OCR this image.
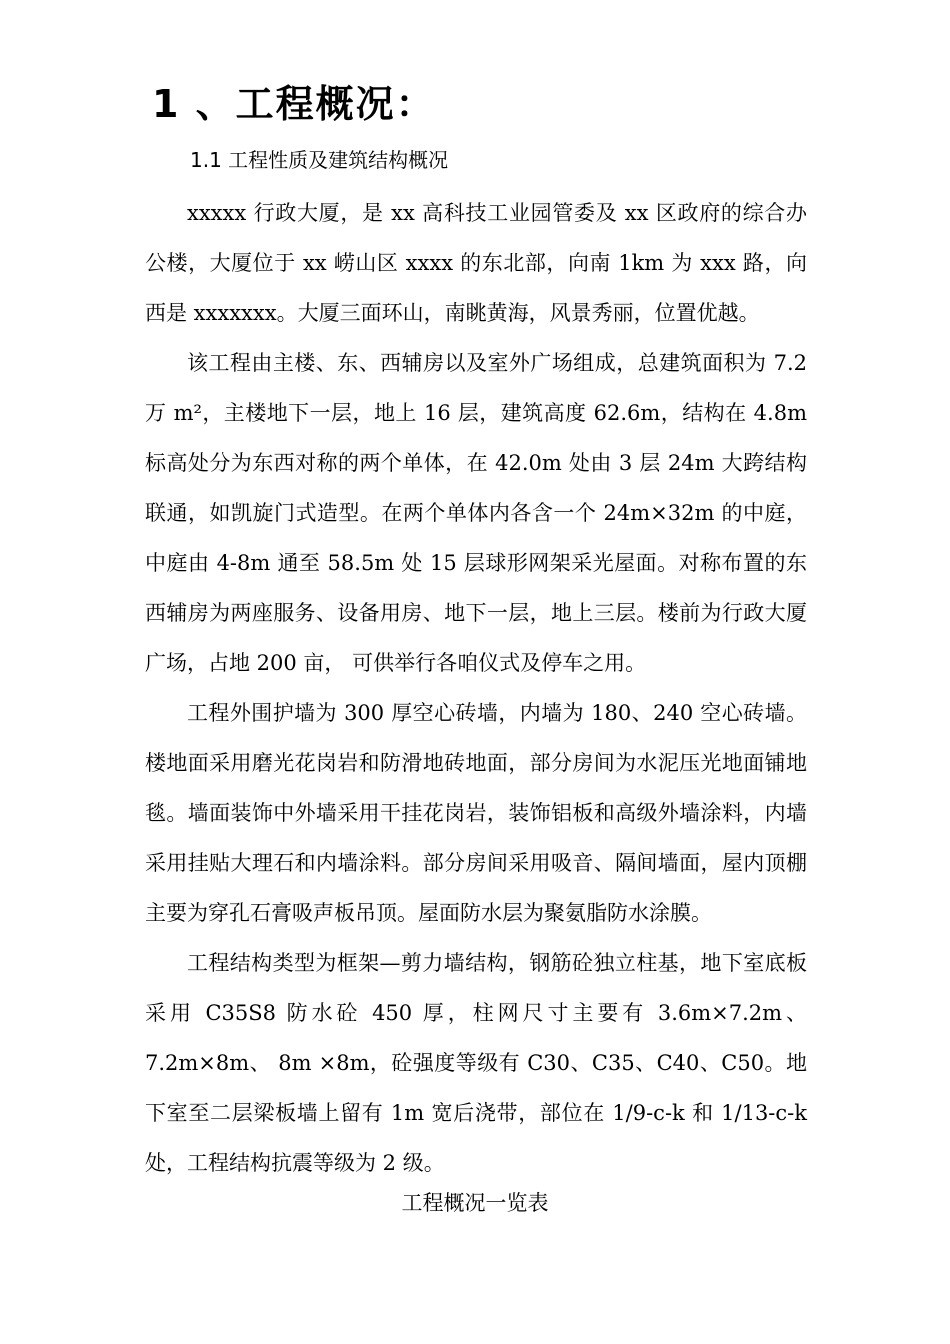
1 、工程概况：
1.1 工程性质及建筑结构概况

xxxxx 行政大厦，是 xx 高科技工业园管委及 xx 区政府的综合办公楼，大厦位于 xx 崂山区 xxxx 的东北部，向南 1km 为 xxx 路，向西是 xxxxxxx。大厦三面环山，南眺黄海，风景秀丽，位置优越。

该工程由主楼、东、西辅房以及室外广场组成，总建筑面积为 7.2 万 m²，主楼地下一层，地上 16 层，建筑高度 62.6m，结构在 4.8m 标高处分为东西对称的两个单体，在 42.0m 处由 3 层 24m 大跨结构联通，如凯旋门式造型。在两个单体内各含一个 24m×32m 的中庭，中庭由 4-8m 通至 58.5m 处 15 层球形网架采光屋面。对称布置的东西辅房为两座服务、设备用房、地下一层，地上三层。楼前为行政大厦广场，占地 200 亩， 可供举行各咱仪式及停车之用。

工程外围护墙为 300 厚空心砖墙，内墙为 180、240 空心砖墙。楼地面采用磨光花岗岩和防滑地砖地面，部分房间为水泥压光地面铺地毯。墙面装饰中外墙采用干挂花岗岩，装饰铝板和高级外墙涂料，内墙采用挂贴大理石和内墙涂料。部分房间采用吸音、隔间墙面，屋内顶棚主要为穿孔石膏吸声板吊顶。屋面防水层为聚氨脂防水涂膜。

工程结构类型为框架—剪力墙结构，钢筋砼独立柱基，地下室底板采用 C35S8 防水砼 450 厚，柱网尺寸主要有 3.6m×7.2m、7.2m×8m、 8m ×8m，砼强度等级有 C30、C35、C40、C50。地下室至二层梁板墙上留有 1m 宽后浇带，部位在 1/9-c-k 和 1/13-c-k 处，工程结构抗震等级为 2 级。

工程概况一览表
